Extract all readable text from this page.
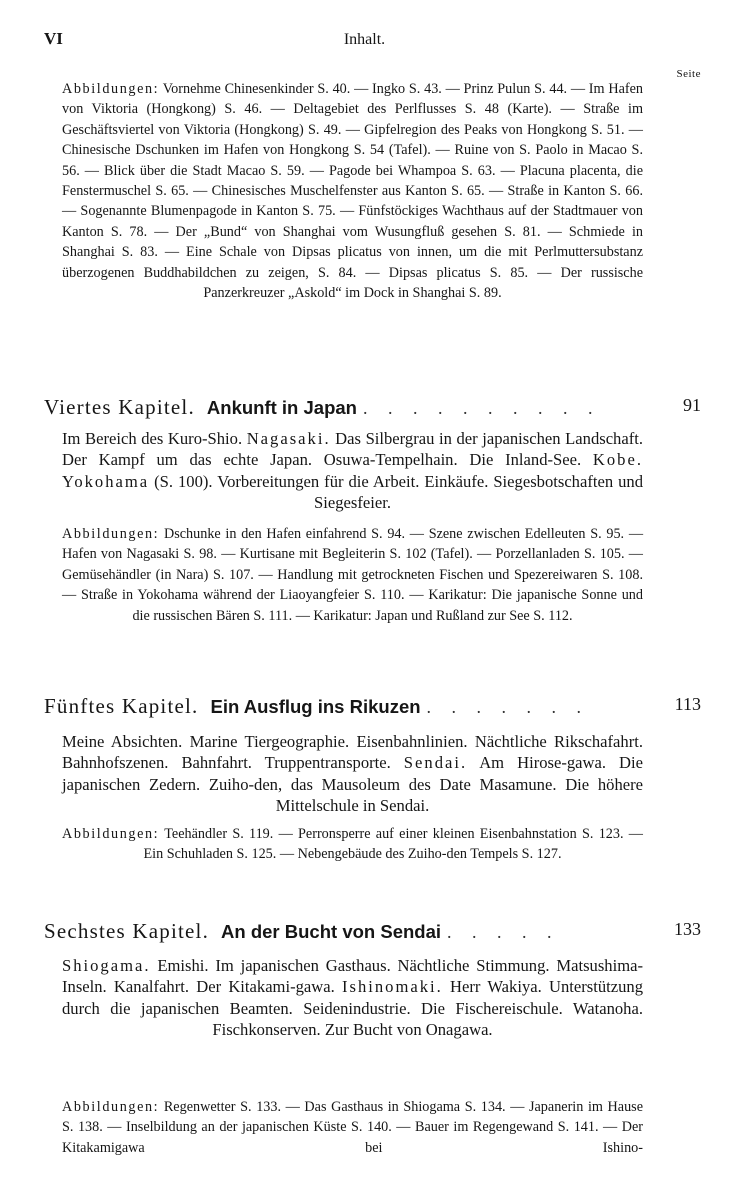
VI	Inhalt.
Seite

Abbildungen: Vornehme Chinesenkinder S. 40. — Ingko S. 43. — Prinz Pulun S. 44. — Im Hafen von Viktoria (Hongkong) S. 46. — Deltagebiet des Perlflusses S. 48 (Karte). — Straße im Geschäftsviertel von Viktoria (Hongkong) S. 49. — Gipfelregion des Peaks von Hongkong S. 51. — Chinesische Dschunken im Hafen von Hongkong S. 54 (Tafel). — Ruine von S. Paolo in Macao S. 56. — Blick über die Stadt Macao S. 59. — Pagode bei Whampoa S. 63. — Placuna placenta, die Fenstermuschel S. 65. — Chinesisches Muschelfenster aus Kanton S. 65. — Straße in Kanton S. 66. — Sogenannte Blumenpagode in Kanton S. 75. — Fünfstöckiges Wachthaus auf der Stadtmauer von Kanton S. 78. — Der „Bund“ von Shanghai vom Wusungfluß gesehen S. 81. — Schmiede in Shanghai S. 83. — Eine Schale von Dipsas plicatus von innen, um die mit Perlmuttersubstanz überzogenen Buddhabildchen zu zeigen, S. 84. — Dipsas plicatus S. 85. — Der russische Panzerkreuzer „Askold“ im Dock in Shanghai S. 89.

Viertes Kapitel. Ankunft in Japan . . . . . . . . . .	91

Im Bereich des Kuro-Shio. Nagasaki. Das Silbergrau in der japanischen Landschaft. Der Kampf um das echte Japan. Osuwa-Tempelhain. Die Inland-See. Kobe. Yokohama (S. 100). Vorbereitungen für die Arbeit. Einkäufe. Siegesbotschaften und Siegesfeier.

Abbildungen: Dschunke in den Hafen einfahrend S. 94. — Szene zwischen Edelleuten S. 95. — Hafen von Nagasaki S. 98. — Kurtisane mit Begleiterin S. 102 (Tafel). — Porzellanladen S. 105. — Gemüsehändler (in Nara) S. 107. — Handlung mit getrockneten Fischen und Spezereiwaren S. 108. — Straße in Yokohama während der Liaoyangfeier S. 110. — Karikatur: Die japanische Sonne und die russischen Bären S. 111. — Karikatur: Japan und Rußland zur See S. 112.

Fünftes Kapitel. Ein Ausflug ins Rikuzen . . . . . . .	113

Meine Absichten. Marine Tiergeographie. Eisenbahnlinien. Nächtliche Rikschafahrt. Bahnhofszenen. Bahnfahrt. Truppentransporte. Sendai. Am Hirose-gawa. Die japanischen Zedern. Zuiho-den, das Mausoleum des Date Masamune. Die höhere Mittelschule in Sendai.

Abbildungen: Teehändler S. 119. — Perronsperre auf einer kleinen Eisenbahnstation S. 123. — Ein Schuhladen S. 125. — Nebengebäude des Zuiho-den Tempels S. 127.

Sechstes Kapitel. An der Bucht von Sendai . . . . .	133

Shiogama. Emishi. Im japanischen Gasthaus. Nächtliche Stimmung. Matsushima-Inseln. Kanalfahrt. Der Kitakami-gawa. Ishinomaki. Herr Wakiya. Unterstützung durch die japanischen Beamten. Seidenindustrie. Die Fischereischule. Watanoha. Fischkonserven. Zur Bucht von Onagawa.

Abbildungen: Regenwetter S. 133. — Das Gasthaus in Shiogama S. 134. — Japanerin im Hause S. 138. — Inselbildung an der japanischen Küste S. 140. — Bauer im Regengewand S. 141. — Der Kitakamigawa bei Ishino-
